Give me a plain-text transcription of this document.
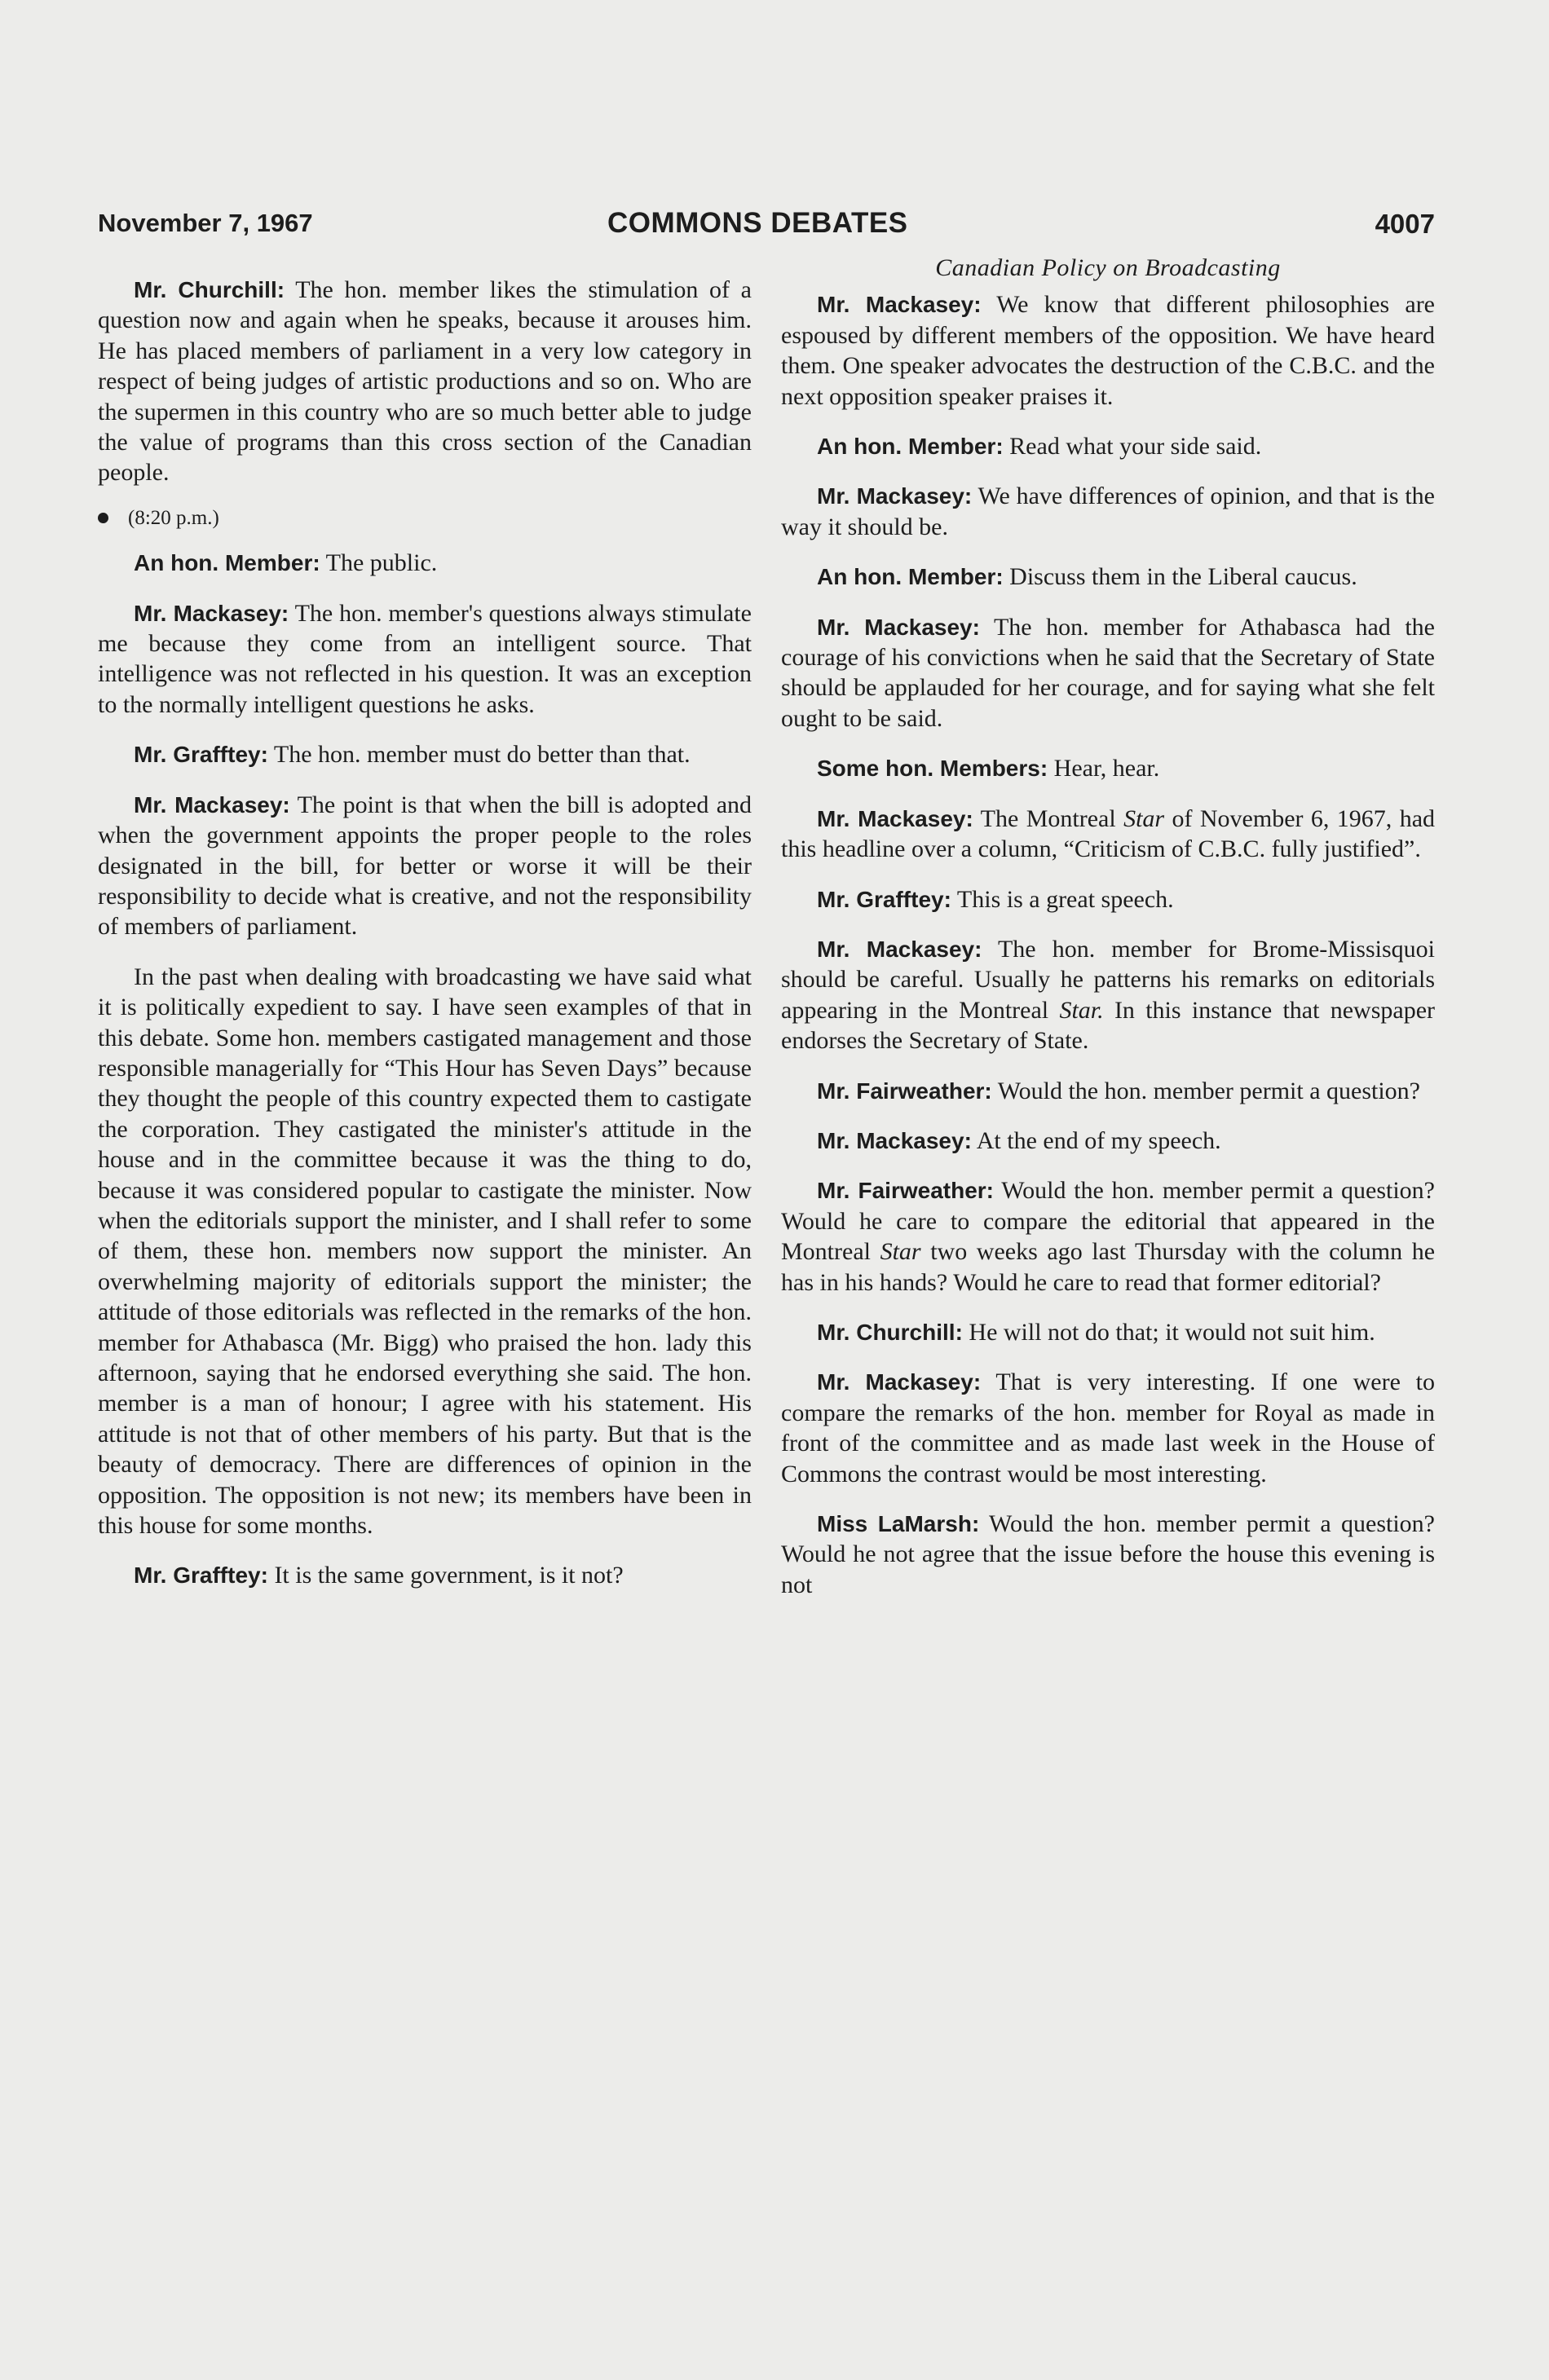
November 7, 1967	COMMONS DEBATES	4007

Mr. Churchill: The hon. member likes the stimulation of a question now and again when he speaks, because it arouses him. He has placed members of parliament in a very low category in respect of being judges of artistic productions and so on. Who are the supermen in this country who are so much better able to judge the value of programs than this cross section of the Canadian people.

(8:20 p.m.)

An hon. Member: The public.

Mr. Mackasey: The hon. member's questions always stimulate me because they come from an intelligent source. That intelligence was not reflected in his question. It was an exception to the normally intelligent questions he asks.

Mr. Grafftey: The hon. member must do better than that.

Mr. Mackasey: The point is that when the bill is adopted and when the government appoints the proper people to the roles designated in the bill, for better or worse it will be their responsibility to decide what is creative, and not the responsibility of members of parliament.

In the past when dealing with broadcasting we have said what it is politically expedient to say. I have seen examples of that in this debate. Some hon. members castigated management and those responsible managerially for “This Hour has Seven Days” because they thought the people of this country expected them to castigate the corporation. They castigated the minister's attitude in the house and in the committee because it was the thing to do, because it was considered popular to castigate the minister. Now when the editorials support the minister, and I shall refer to some of them, these hon. members now support the minister. An overwhelming majority of editorials support the minister; the attitude of those editorials was reflected in the remarks of the hon. member for Athabasca (Mr. Bigg) who praised the hon. lady this afternoon, saying that he endorsed everything she said. The hon. member is a man of honour; I agree with his statement. His attitude is not that of other members of his party. But that is the beauty of democracy. There are differences of opinion in the opposition. The opposition is not new; its members have been in this house for some months.

Mr. Grafftey: It is the same government, is it not?

Canadian Policy on Broadcasting

Mr. Mackasey: We know that different philosophies are espoused by different members of the opposition. We have heard them. One speaker advocates the destruction of the C.B.C. and the next opposition speaker praises it.

An hon. Member: Read what your side said.

Mr. Mackasey: We have differences of opinion, and that is the way it should be.

An hon. Member: Discuss them in the Liberal caucus.

Mr. Mackasey: The hon. member for Athabasca had the courage of his convictions when he said that the Secretary of State should be applauded for her courage, and for saying what she felt ought to be said.

Some hon. Members: Hear, hear.

Mr. Mackasey: The Montreal Star of November 6, 1967, had this headline over a column, “Criticism of C.B.C. fully justified”.

Mr. Grafftey: This is a great speech.

Mr. Mackasey: The hon. member for Brome-Missisquoi should be careful. Usually he patterns his remarks on editorials appearing in the Montreal Star. In this instance that newspaper endorses the Secretary of State.

Mr. Fairweather: Would the hon. member permit a question?

Mr. Mackasey: At the end of my speech.

Mr. Fairweather: Would the hon. member permit a question? Would he care to compare the editorial that appeared in the Montreal Star two weeks ago last Thursday with the column he has in his hands? Would he care to read that former editorial?

Mr. Churchill: He will not do that; it would not suit him.

Mr. Mackasey: That is very interesting. If one were to compare the remarks of the hon. member for Royal as made in front of the committee and as made last week in the House of Commons the contrast would be most interesting.

Miss LaMarsh: Would the hon. member permit a question? Would he not agree that the issue before the house this evening is not
